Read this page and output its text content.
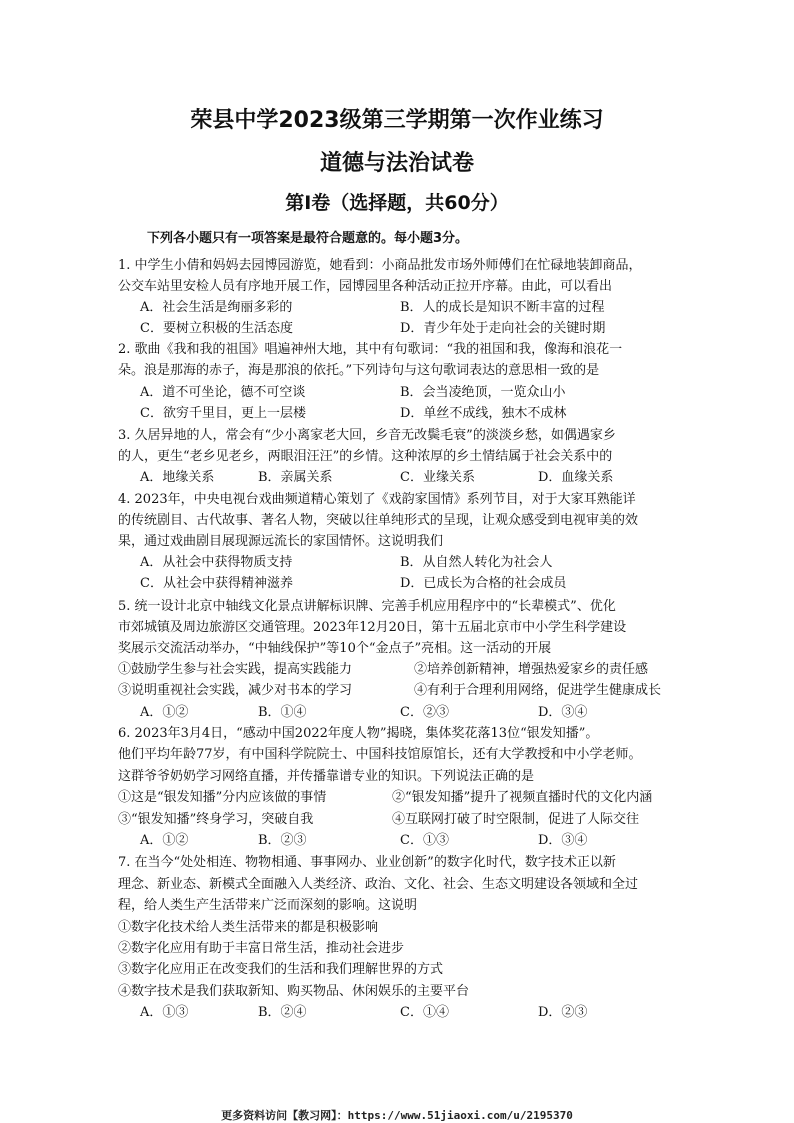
荣县中学2023级第三学期第一次作业练习
道德与法治试卷
第Ⅰ卷（选择题，共60分）
下列各小题只有一项答案是最符合题意的。每小题3分。
1. 中学生小倩和妈妈去园博园游览，她看到：小商品批发市场外师傅们在忙碌地装卸商品，
公交车站里安检人员有序地开展工作，园博园里各种活动正拉开序幕。由此，可以看出
A．社会生活是绚丽多彩的	B．人的成长是知识不断丰富的过程
C．要树立积极的生活态度	D．青少年处于走向社会的关键时期
2. 歌曲《我和我的祖国》唱遍神州大地，其中有句歌词：“我的祖国和我，像海和浪花一
朵。浪是那海的赤子，海是那浪的依托。”下列诗句与这句歌词表达的意思相一致的是
A．道不可坐论，德不可空谈	B．会当凌绝顶，一览众山小
C．欲穷千里目，更上一层楼	D．单丝不成线，独木不成林
3. 久居异地的人，常会有“少小离家老大回，乡音无改鬓毛衰”的淡淡乡愁，如偶遇家乡
的人，更生“老乡见老乡，两眼泪汪汪”的乡情。这种浓厚的乡土情结属于社会关系中的
A．地缘关系	B．亲属关系	C．业缘关系	D．血缘关系
4. 2023年，中央电视台戏曲频道精心策划了《戏韵家国情》系列节目，对于大家耳熟能详
的传统剧目、古代故事、著名人物，突破以往单纯形式的呈现，让观众感受到电视审美的效
果，通过戏曲剧目展现源远流长的家国情怀。这说明我们
A．从社会中获得物质支持	B．从自然人转化为社会人
C．从社会中获得精神滋养	D．已成长为合格的社会成员
5. 统一设计北京中轴线文化景点讲解标识牌、完善手机应用程序中的“长辈模式”、优化
市郊城镇及周边旅游区交通管理。2023年12月20日，第十五届北京市中小学生科学建设
奖展示交流活动举办，“中轴线保护”等10个“金点子”亮相。这一活动的开展
①鼓励学生参与社会实践，提高实践能力	②培养创新精神，增强热爱家乡的责任感
③说明重视社会实践，减少对书本的学习	④有利于合理利用网络，促进学生健康成长
A．①②	B．①④	C．②③	D．③④
6. 2023年3月4日，“感动中国2022年度人物”揭晓，集体奖花落13位“银发知播”。
他们平均年龄77岁，有中国科学院院士、中国科技馆原馆长，还有大学教授和中小学老师。
这群爷爷奶奶学习网络直播，并传播靠谱专业的知识。下列说法正确的是
①这是“银发知播”分内应该做的事情	②“银发知播”提升了视频直播时代的文化内涵
③“银发知播”终身学习，突破自我	④互联网打破了时空限制，促进了人际交往
A．①②	B．②③	C．①③	D．③④
7. 在当今“处处相连、物物相通、事事网办、业业创新”的数字化时代，数字技术正以新
理念、新业态、新模式全面融入人类经济、政治、文化、社会、生态文明建设各领域和全过
程，给人类生产生活带来广泛而深刻的影响。这说明
①数字化技术给人类生活带来的都是积极影响
②数字化应用有助于丰富日常生活，推动社会进步
③数字化应用正在改变我们的生活和我们理解世界的方式
④数字技术是我们获取新知、购买物品、休闲娱乐的主要平台
A．①③	B．②④	C．①④	D．②③
更多资料访问【教习网】：https://www.51jiaoxi.com/u/2195370
